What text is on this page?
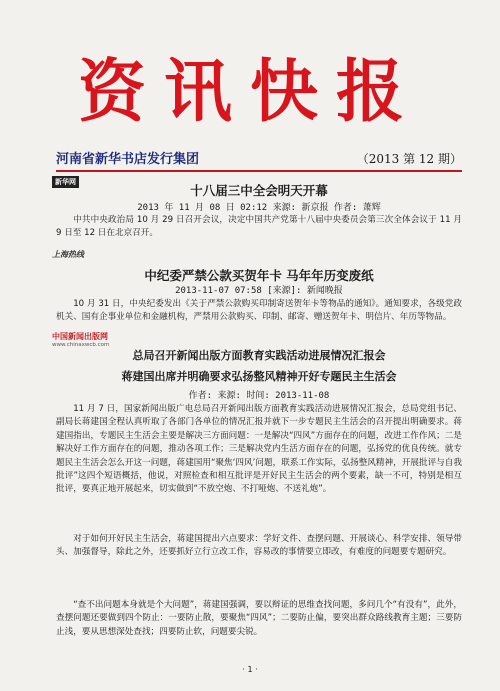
资讯快报
河南省新华书店发行集团	（2013 第 12 期）
新华网
十八届三中全会明天开幕
2013 年 11 月 08 日 02:12 来源: 新京报 作者: 萧辉
中共中央政治局 10 月 29 日召开会议，决定中国共产党第十八届中央委员会第三次全体会议于 11 月 9 日至 12 日在北京召开。
上海热线
中纪委严禁公款买贺年卡 马年年历变废纸
2013-11-07 07:58 [来源]: 新闻晚报
10 月 31 日，中央纪委发出《关于严禁公款购买印制寄送贺年卡等物品的通知》。通知要求，各级党政机关、国有企事业单位和金融机构，严禁用公款购买、印制、邮寄、赠送贺年卡、明信片、年历等物品。
中国新闻出版网
www.chinaxwcb.com
总局召开新闻出版方面教育实践活动进展情况汇报会
蒋建国出席并明确要求弘扬整风精神开好专题民主生活会
作者: 来源: 时间: 2013-11-08
11 月 7 日，国家新闻出版广电总局召开新闻出版方面教育实践活动进展情况汇报会，总局党组书记、副局长蒋建国全程认真听取了各部门各单位的情况汇报并就下一步专题民主生活会的召开提出明确要求。蒋建国指出，专题民主生活会主要是解决三方面问题：一是解决“四风”方面存在的问题，改进工作作风；二是解决好工作方面存在的问题，推动各项工作；三是解决党内生活方面存在的问题，弘扬党的优良传统。就专题民主生活会怎么开这一问题，蒋建国用“聚焦‘四风’问题，联系工作实际，弘扬整风精神，开展批评与自我批评”这四个短语概括，他说，对照检查和相互批评是开好民主生活会的两个要素，缺一不可，特别是相互批评，要真正地开展起来，切实做到“不放空炮、不打哑炮、不送礼炮”。
对于如何开好民主生活会，蒋建国提出六点要求：学好文件、查摆问题、开展谈心、科学安排、领导带头、加强督导，除此之外，还要抓好立行立改工作，容易改的事情要立即改，有难度的问题要专题研究。
“查不出问题本身就是个大问题”，蒋建国强调，要以辩证的思维查找问题，多问几个“有没有”，此外，查摆问题还要做到四个防止：一要防止散，要聚焦“四风”；二要防止偏，要突出群众路线教育主题；三要防止浅，要从思想深处查找；四要防止软，问题要尖锐。
· 1 ·
